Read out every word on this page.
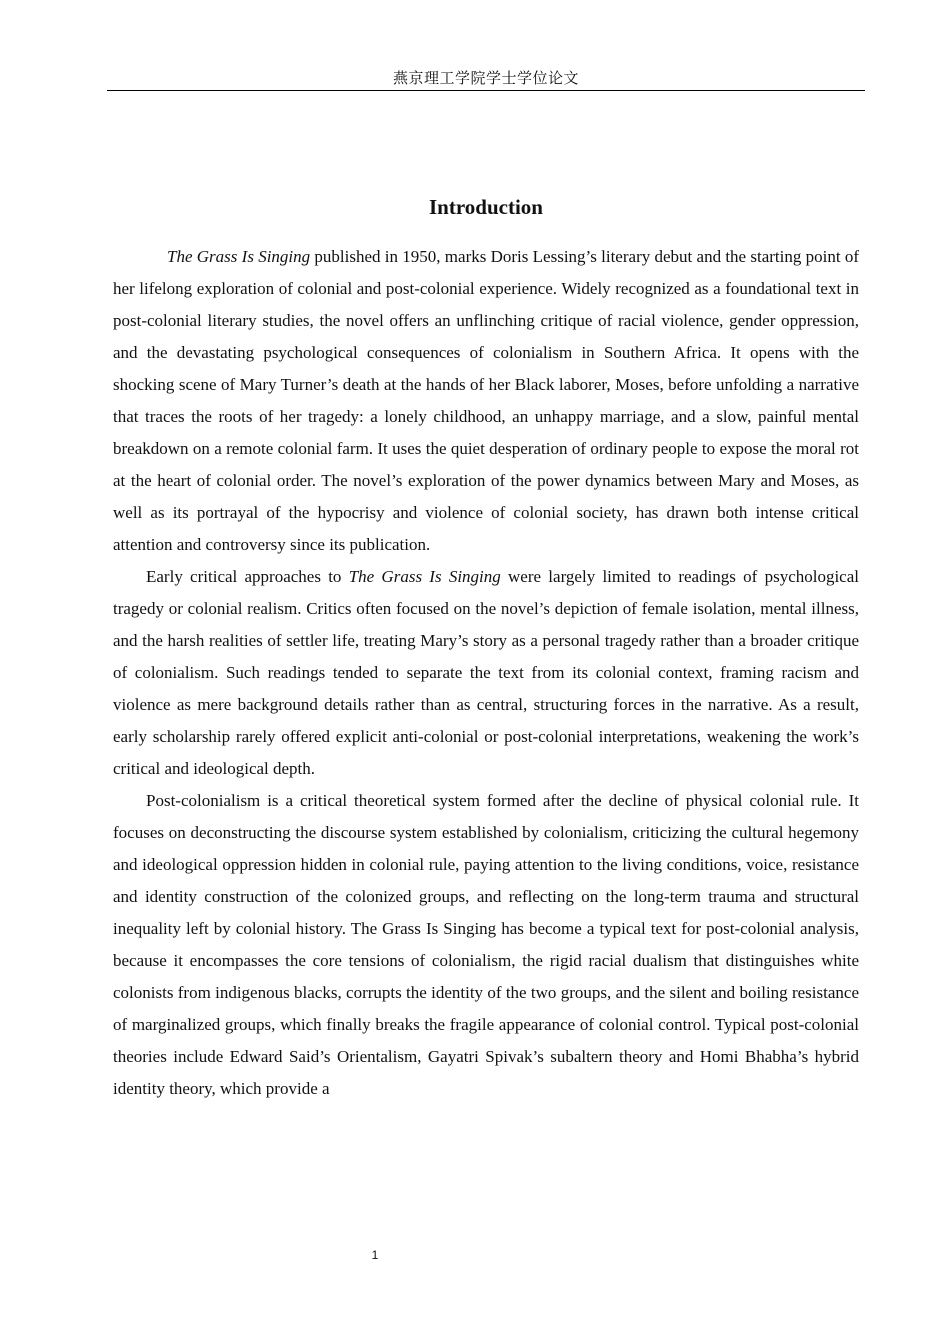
燕京理工学院学士学位论文
Introduction

The Grass Is Singing published in 1950, marks Doris Lessing’s literary debut and the starting point of her lifelong exploration of colonial and post-colonial experience. Widely recognized as a foundational text in post-colonial literary studies, the novel offers an unflinching critique of racial violence, gender oppression, and the devastating psychological consequences of colonialism in Southern Africa. It opens with the shocking scene of Mary Turner’s death at the hands of her Black laborer, Moses, before unfolding a narrative that traces the roots of her tragedy: a lonely childhood, an unhappy marriage, and a slow, painful mental breakdown on a remote colonial farm. It uses the quiet desperation of ordinary people to expose the moral rot at the heart of colonial order. The novel’s exploration of the power dynamics between Mary and Moses, as well as its portrayal of the hypocrisy and violence of colonial society, has drawn both intense critical attention and controversy since its publication.

Early critical approaches to The Grass Is Singing were largely limited to readings of psychological tragedy or colonial realism. Critics often focused on the novel’s depiction of female isolation, mental illness, and the harsh realities of settler life, treating Mary’s story as a personal tragedy rather than a broader critique of colonialism. Such readings tended to separate the text from its colonial context, framing racism and violence as mere background details rather than as central, structuring forces in the narrative. As a result, early scholarship rarely offered explicit anti-colonial or post-colonial interpretations, weakening the work’s critical and ideological depth.

Post-colonialism is a critical theoretical system formed after the decline of physical colonial rule. It focuses on deconstructing the discourse system established by colonialism, criticizing the cultural hegemony and ideological oppression hidden in colonial rule, paying attention to the living conditions, voice, resistance and identity construction of the colonized groups, and reflecting on the long-term trauma and structural inequality left by colonial history. The Grass Is Singing has become a typical text for post-colonial analysis, because it encompasses the core tensions of colonialism, the rigid racial dualism that distinguishes white colonists from indigenous blacks, corrupts the identity of the two groups, and the silent and boiling resistance of marginalized groups, which finally breaks the fragile appearance of colonial control. Typical post-colonial theories include Edward Said’s Orientalism, Gayatri Spivak’s subaltern theory and Homi Bhabha’s hybrid identity theory, which provide a

1
